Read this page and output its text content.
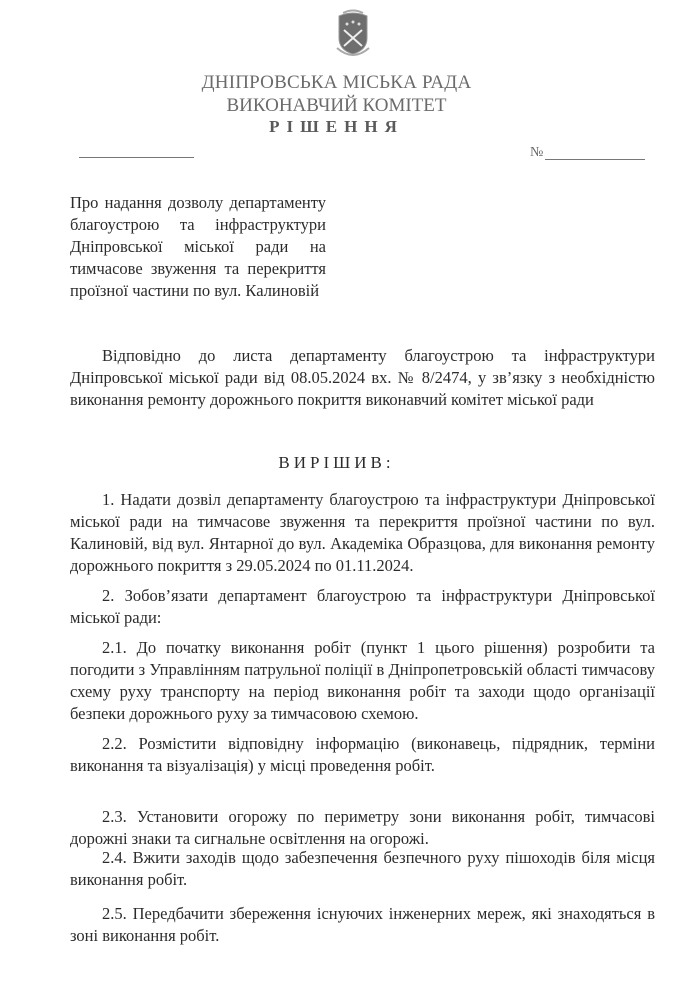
ДНІПРОВСЬКА МІСЬКА РАДА
ВИКОНАВЧИЙ КОМІТЕТ
РІШЕННЯ
№
Про надання дозволу департаменту благоустрою та інфраструктури Дніпровської міської ради на тимчасове звуження та перекриття проїзної частини по вул. Калиновій
Відповідно до листа департаменту благоустрою та інфраструктури Дніпровської міської ради від 08.05.2024 вх. № 8/2474, у зв’язку з необхідністю виконання ремонту дорожнього покриття виконавчий комітет міської ради
ВИРІШИВ:
1. Надати дозвіл департаменту благоустрою та інфраструктури Дніпровської міської ради на тимчасове звуження та перекриття проїзної частини по вул. Калиновій, від вул. Янтарної до вул. Академіка Образцова, для виконання ремонту дорожнього покриття з 29.05.2024 по 01.11.2024.
2. Зобов’язати департамент благоустрою та інфраструктури Дніпровської міської ради:
2.1. До початку виконання робіт (пункт 1 цього рішення) розробити та погодити з Управлінням патрульної поліції в Дніпропетровській області тимчасову схему руху транспорту на період виконання робіт та заходи щодо організації безпеки дорожнього руху за тимчасовою схемою.
2.2. Розмістити відповідну інформацію (виконавець, підрядник, терміни виконання та візуалізація) у місці проведення робіт.
2.3. Установити огорожу по периметру зони виконання робіт, тимчасові дорожні знаки та сигнальне освітлення на огорожі.
2.4. Вжити заходів щодо забезпечення безпечного руху пішоходів біля місця виконання робіт.
2.5. Передбачити збереження існуючих інженерних мереж, які знаходяться в зоні виконання робіт.
